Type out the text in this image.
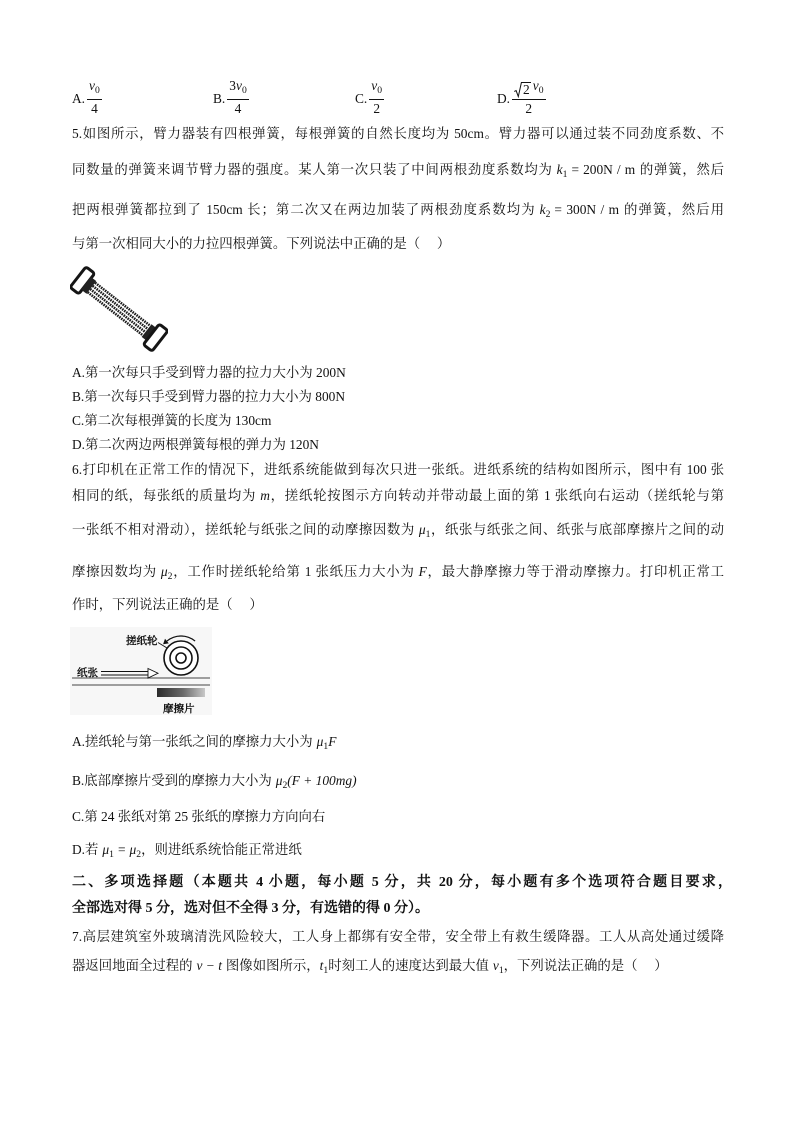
A. $\frac{v_0}{4}$	B. $\frac{3v_0}{4}$	C. $\frac{v_0}{2}$	D. $\frac{2 v_0}{2}$
5.如图所示，臂力器装有四根弹簧，每根弹簧的自然长度均为 50cm。臂力器可以通过装不同劲度系数、不
同数量的弹簧来调节臂力器的强度。某人第一次只装了中间两根劲度系数均为 $k_1 = 200N / m$ 的弹簧，然后
把两根弹簧都拉到了 150cm 长；第二次又在两边加装了两根劲度系数均为 $k_2 = 300N / m$ 的弹簧，然后用
与第一次相同大小的力拉四根弹簧。下列说法中正确的是（     ）
A.第一次每只手受到臂力器的拉力大小为 200N
B.第一次每只手受到臂力器的拉力大小为 800N
C.第二次每根弹簧的长度为 130cm
D.第二次两边两根弹簧每根的弹力为 120N
6.打印机在正常工作的情况下，进纸系统能做到每次只进一张纸。进纸系统的结构如图所示，图中有 100 张
相同的纸，每张纸的质量均为 m，搓纸轮按图示方向转动并带动最上面的第 1 张纸向右运动（搓纸轮与第
一张纸不相对滑动），搓纸轮与纸张之间的动摩擦因数为 $\mu_1$，纸张与纸张之间、纸张与底部摩擦片之间的动
摩擦因数均为 $\mu_2$，工作时搓纸轮给第 1 张纸压力大小为 F，最大静摩擦力等于滑动摩擦力。打印机正常工
作时，下列说法正确的是（     ）
搓纸轮
纸张
摩擦片
A.搓纸轮与第一张纸之间的摩擦力大小为 $\mu_1F$
B.底部摩擦片受到的摩擦力大小为 $\mu_2(F + 100mg)$
C.第 24 张纸对第 25 张纸的摩擦力方向向右
D.若 $\mu_1 = \mu_2$，则进纸系统恰能正常进纸
二、多项选择题（本题共 4 小题，每小题 5 分，共 20 分，每小题有多个选项符合题目要求，
全部选对得 5 分，选对但不全得 3 分，有选错的得 0 分）。
7.高层建筑室外玻璃清洗风险较大，工人身上都绑有安全带，安全带上有救生缓降器。工人从高处通过缓降
器返回地面全过程的 v − t 图像如图所示，$t_1$时刻工人的速度达到最大值 $v_1$，下列说法正确的是（     ）
